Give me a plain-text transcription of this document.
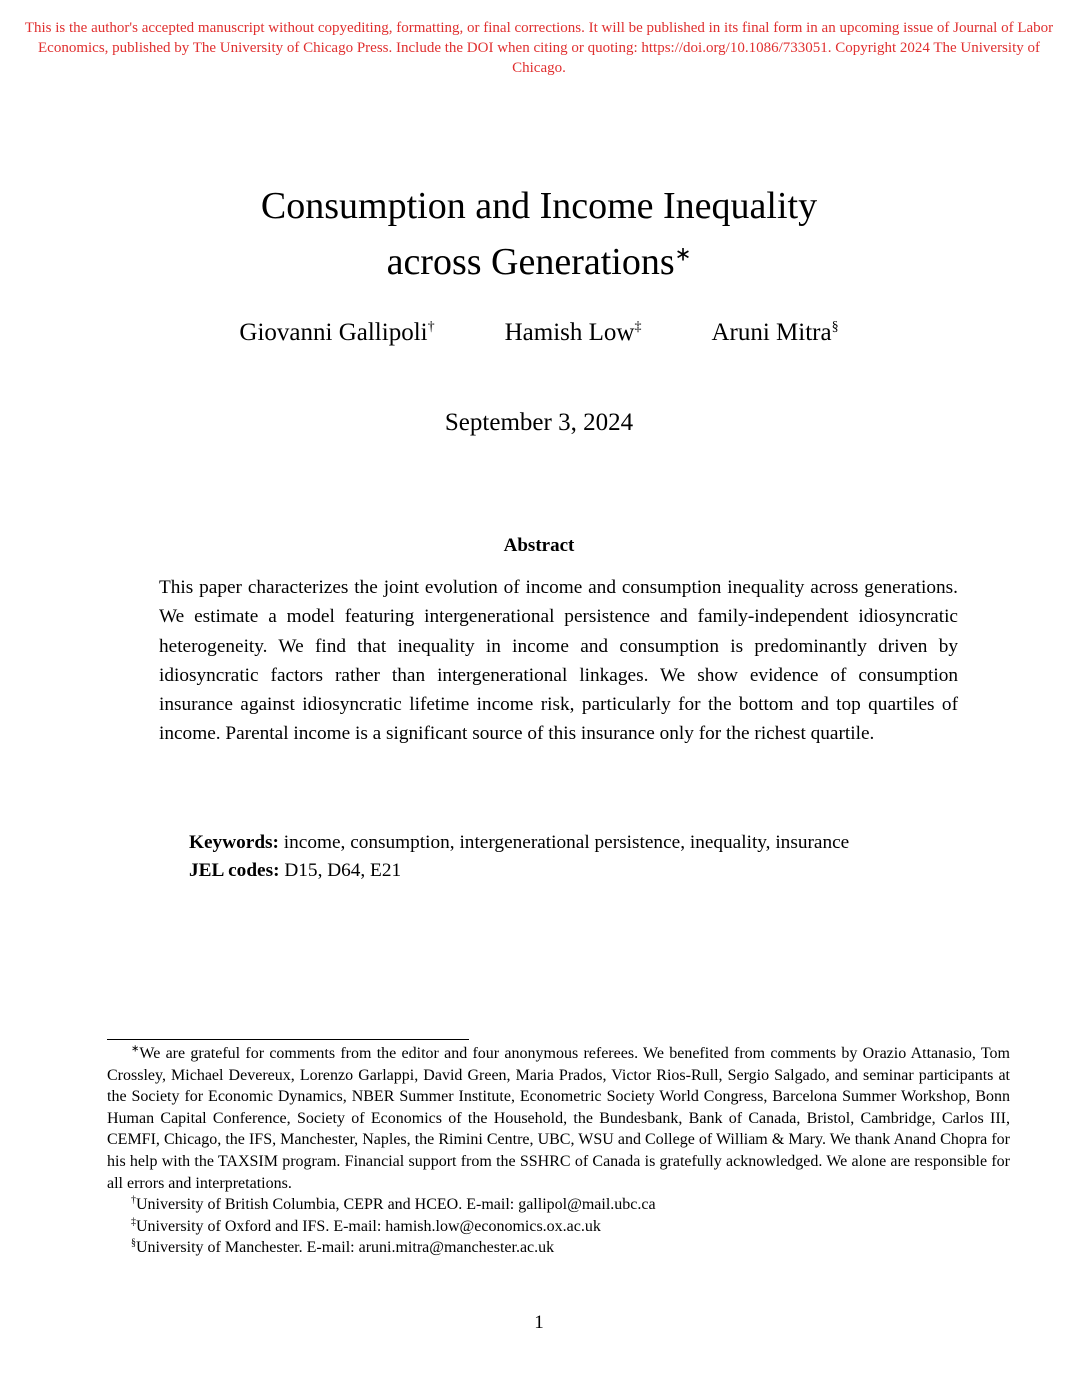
This is the author's accepted manuscript without copyediting, formatting, or final corrections. It will be published in its final form in an upcoming issue of Journal of Labor Economics, published by The University of Chicago Press. Include the DOI when citing or quoting: https://doi.org/10.1086/733051. Copyright 2024 The University of Chicago.
Consumption and Income Inequality
across Generations∗
Giovanni Gallipoli†	Hamish Low‡	Aruni Mitra§
September 3, 2024
Abstract
This paper characterizes the joint evolution of income and consumption inequality across generations. We estimate a model featuring intergenerational persistence and family-independent idiosyncratic heterogeneity. We find that inequality in income and consumption is predominantly driven by idiosyncratic factors rather than intergenerational linkages. We show evidence of consumption insurance against idiosyncratic lifetime income risk, particularly for the bottom and top quartiles of income. Parental income is a significant source of this insurance only for the richest quartile.
Keywords: income, consumption, intergenerational persistence, inequality, insurance
JEL codes: D15, D64, E21

∗We are grateful for comments from the editor and four anonymous referees. We benefited from comments by Orazio Attanasio, Tom Crossley, Michael Devereux, Lorenzo Garlappi, David Green, Maria Prados, Victor Rios-Rull, Sergio Salgado, and seminar participants at the Society for Economic Dynamics, NBER Summer Institute, Econometric Society World Congress, Barcelona Summer Workshop, Bonn Human Capital Conference, Society of Economics of the Household, the Bundesbank, Bank of Canada, Bristol, Cambridge, Carlos III, CEMFI, Chicago, the IFS, Manchester, Naples, the Rimini Centre, UBC, WSU and College of William & Mary. We thank Anand Chopra for his help with the TAXSIM program. Financial support from the SSHRC of Canada is gratefully acknowledged. We alone are responsible for all errors and interpretations.

†University of British Columbia, CEPR and HCEO. E-mail: gallipol@mail.ubc.ca

‡University of Oxford and IFS. E-mail: hamish.low@economics.ox.ac.uk

§University of Manchester. E-mail: aruni.mitra@manchester.ac.uk

1
